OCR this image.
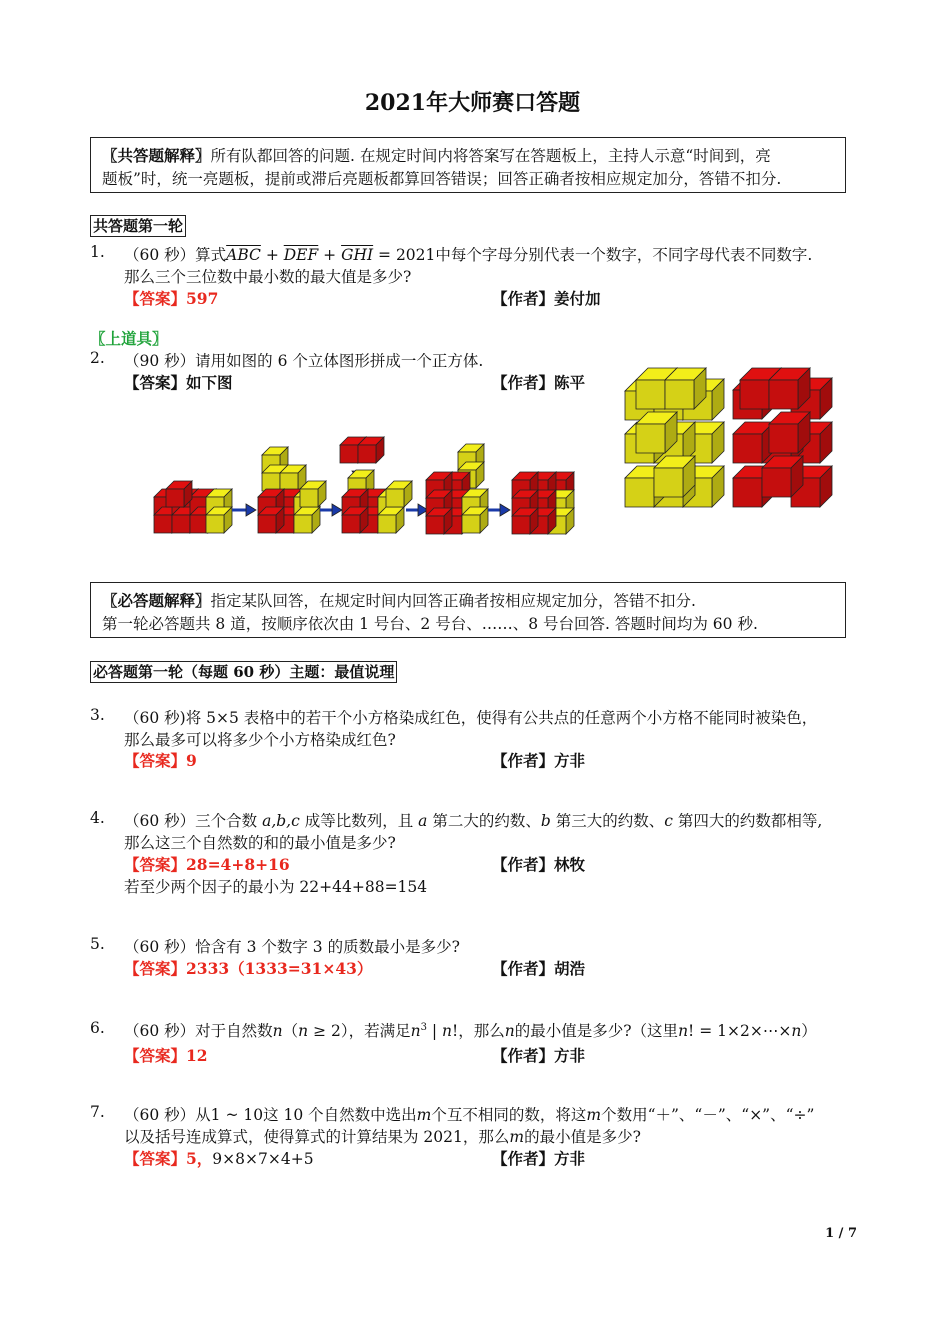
2021年大师赛口答题
〖共答题解释〗所有队都回答的问题. 在规定时间内将答案写在答题板上，主持人示意“时间到，亮
题板”时，统一亮题板，提前或滞后亮题板都算回答错误；回答正确者按相应规定加分，答错不扣分.
共答题第一轮
1. （60 秒）算式$\overline{ABC} + \overline{DEF} + \overline{GHI} = 2021$中每个字母分别代表一个数字，不同字母代表不同数字.
那么三个三位数中最小数的最大值是多少?
【答案】597	【作者】姜付加
〖上道具〗
2. （90 秒）请用如图的 6 个立体图形拼成一个正方体.
【答案】如下图	【作者】陈平
〖必答题解释〗指定某队回答，在规定时间内回答正确者按相应规定加分，答错不扣分.
第一轮必答题共 8 道，按顺序依次由 1 号台、2 号台、……、8 号台回答. 答题时间均为 60 秒.
必答题第一轮（每题 60 秒）主题：最值说理
3. （60 秒)将 5×5 表格中的若干个小方格染成红色，使得有公共点的任意两个小方格不能同时被染色，
那么最多可以将多少个小方格染成红色?
【答案】9	【作者】方非
4. （60 秒）三个合数 a,b,c 成等比数列，且 a 第二大的约数、b 第三大的约数、c 第四大的约数都相等,
那么这三个自然数的和的最小值是多少?
【答案】28=4+8+16	【作者】林牧
若至少两个因子的最小为 22+44+88=154
5. （60 秒）恰含有 3 个数字 3 的质数最小是多少?
【答案】2333（1333=31×43）	【作者】胡浩
6. （60 秒）对于自然数n（n ≥ 2），若满足$n^3$ | n!，那么n的最小值是多少?（这里n! = 1×2×⋯×n）
【答案】12	【作者】方非
7. （60 秒）从1 ~ 10这 10 个自然数中选出m个互不相同的数，将这m个数用“＋”、“－”、“×”、“÷”
以及括号连成算式，使得算式的计算结果为 2021，那么m的最小值是多少?
【答案】5，9×8×7×4+5	【作者】方非
1 / 7
